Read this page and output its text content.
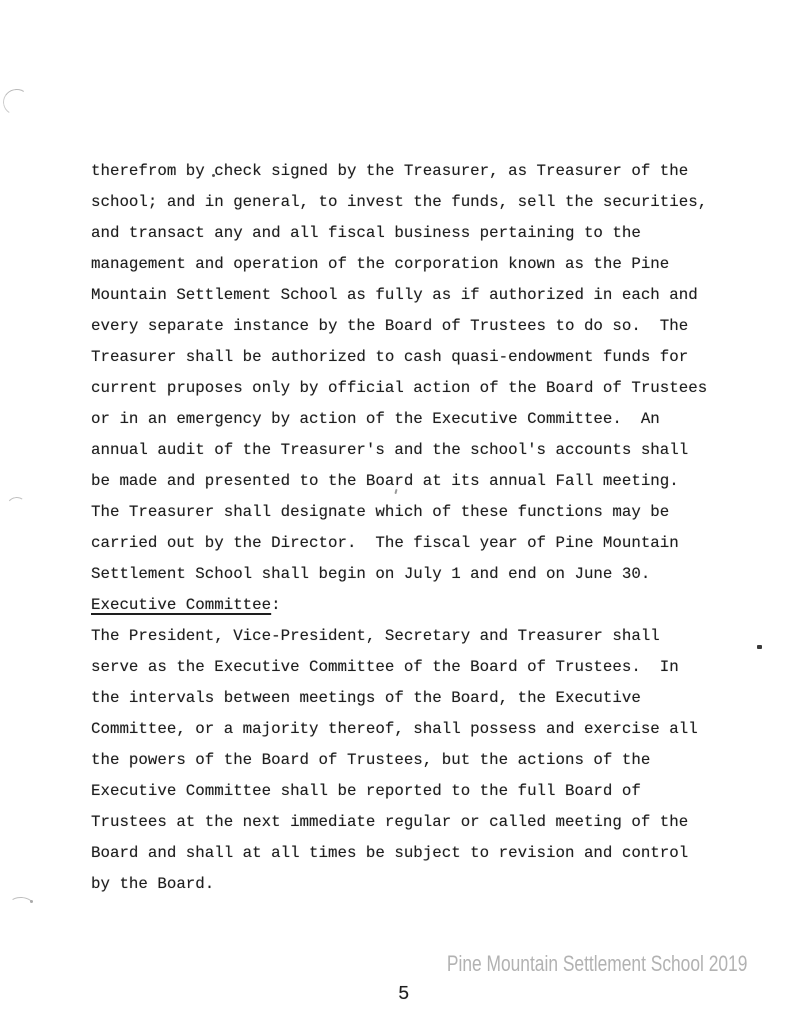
therefrom by check signed by the Treasurer, as Treasurer of the
school; and in general, to invest the funds, sell the securities,
and transact any and all fiscal business pertaining to the
management and operation of the corporation known as the Pine
Mountain Settlement School as fully as if authorized in each and
every separate instance by the Board of Trustees to do so.  The
Treasurer shall be authorized to cash quasi-endowment funds for
current pruposes only by official action of the Board of Trustees
or in an emergency by action of the Executive Committee.  An
annual audit of the Treasurer's and the school's accounts shall
be made and presented to the Board at its annual Fall meeting.
The Treasurer shall designate which of these functions may be
carried out by the Director.  The fiscal year of Pine Mountain
Settlement School shall begin on July 1 and end on June 30.
Executive Committee:
The President, Vice-President, Secretary and Treasurer shall
serve as the Executive Committee of the Board of Trustees.  In
the intervals between meetings of the Board, the Executive
Committee, or a majority thereof, shall possess and exercise all
the powers of the Board of Trustees, but the actions of the
Executive Committee shall be reported to the full Board of
Trustees at the next immediate regular or called meeting of the
Board and shall at all times be subject to revision and control
by the Board.
Pine Mountain Settlement School 2019
5
